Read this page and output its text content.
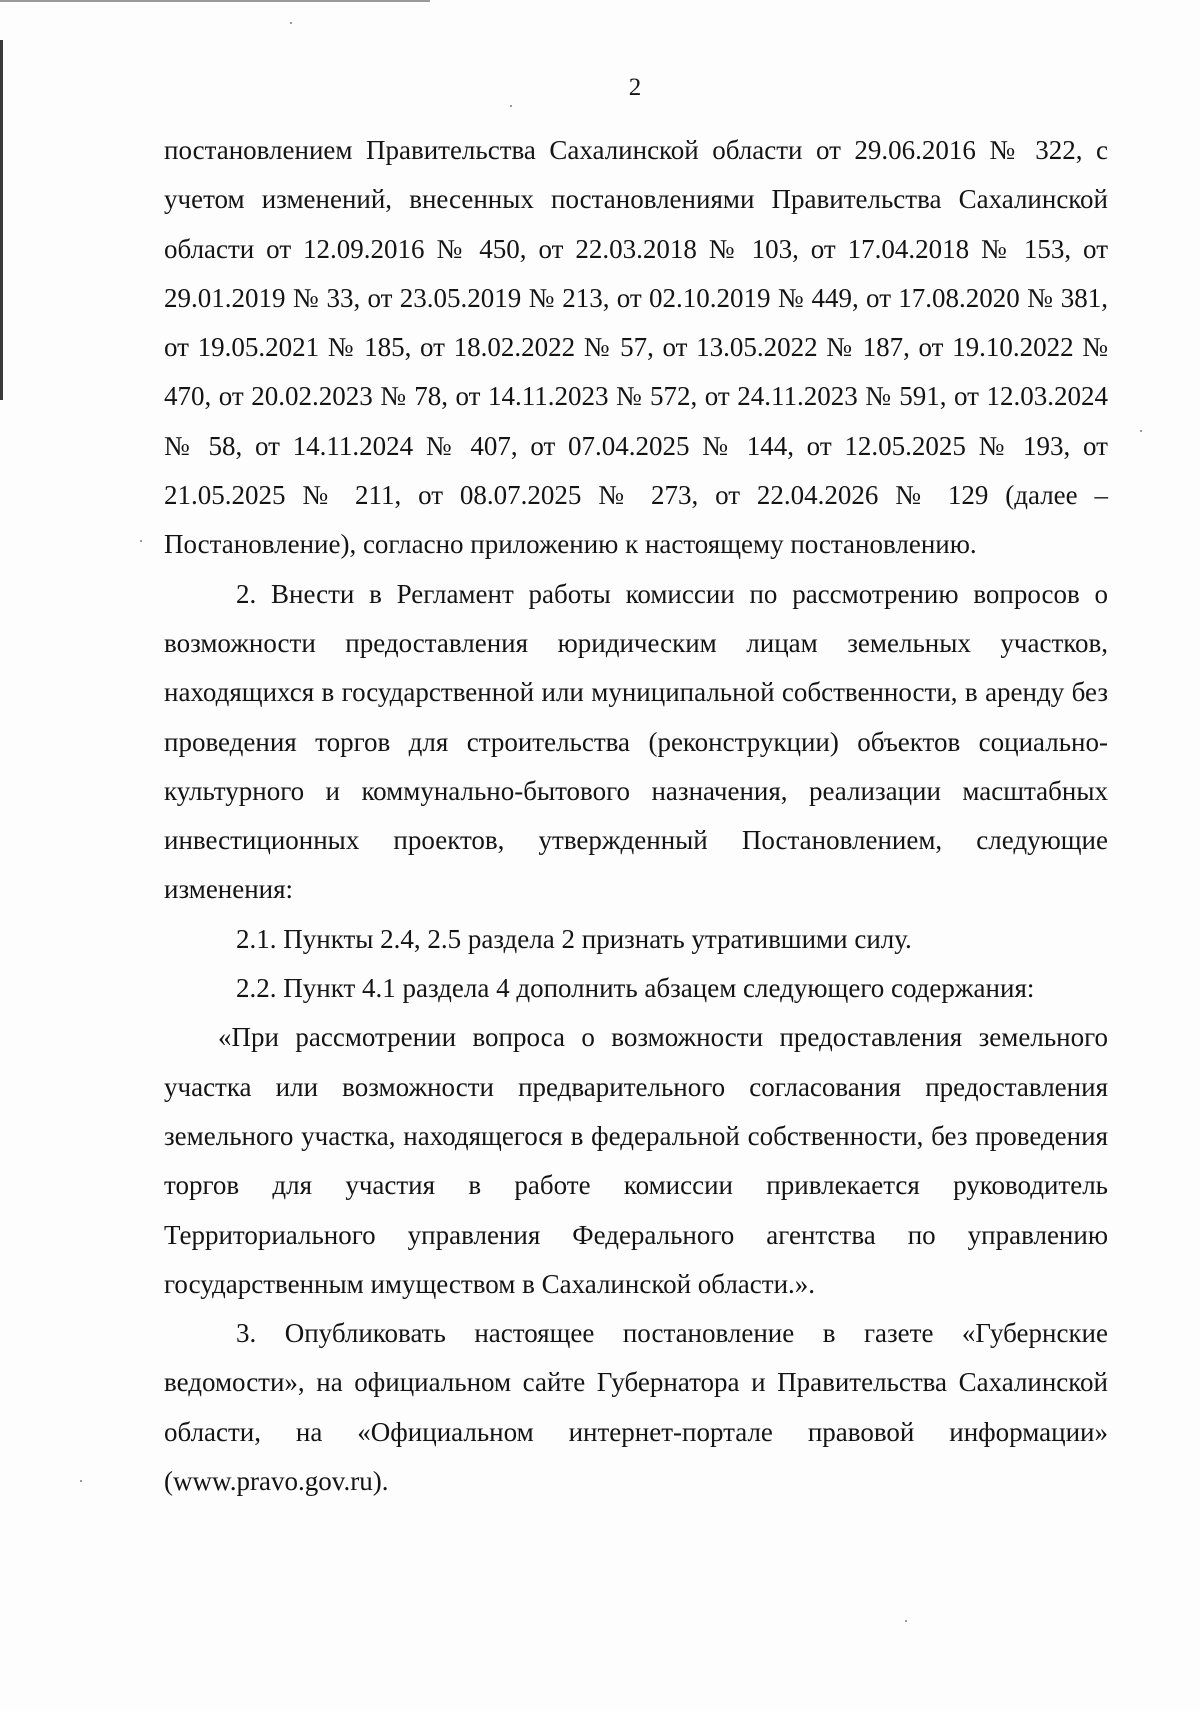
2

постановлением Правительства Сахалинской области от 29.06.2016 № 322, с учетом изменений, внесенных постановлениями Правительства Сахалинской области от 12.09.2016 № 450, от 22.03.2018 № 103, от 17.04.2018 № 153, от 29.01.2019 № 33, от 23.05.2019 № 213, от 02.10.2019 № 449, от 17.08.2020 № 381, от 19.05.2021 № 185, от 18.02.2022 № 57, от 13.05.2022 № 187, от 19.10.2022 № 470, от 20.02.2023 № 78, от 14.11.2023 № 572, от 24.11.2023 № 591, от 12.03.2024 № 58, от 14.11.2024 № 407, от 07.04.2025 № 144, от 12.05.2025 № 193, от 21.05.2025 № 211, от 08.07.2025 № 273, от 22.04.2026 № 129 (далее – Постановление), согласно приложению к настоящему постановлению.

2. Внести в Регламент работы комиссии по рассмотрению вопросов о возможности предоставления юридическим лицам земельных участков, находящихся в государственной или муниципальной собственности, в аренду без проведения торгов для строительства (реконструкции) объектов социально-культурного и коммунально-бытового назначения, реализации масштабных инвестиционных проектов, утвержденный Постановлением, следующие изменения:

2.1. Пункты 2.4, 2.5 раздела 2 признать утратившими силу.

2.2. Пункт 4.1 раздела 4 дополнить абзацем следующего содержания:

«При рассмотрении вопроса о возможности предоставления земельного участка или возможности предварительного согласования предоставления земельного участка, находящегося в федеральной собственности, без проведения торгов для участия в работе комиссии привлекается руководитель Территориального управления Федерального агентства по управлению государственным имуществом в Сахалинской области.».

3. Опубликовать настоящее постановление в газете «Губернские ведомости», на официальном сайте Губернатора и Правительства Сахалинской области, на «Официальном интернет-портале правовой информации» (www.pravo.gov.ru).
